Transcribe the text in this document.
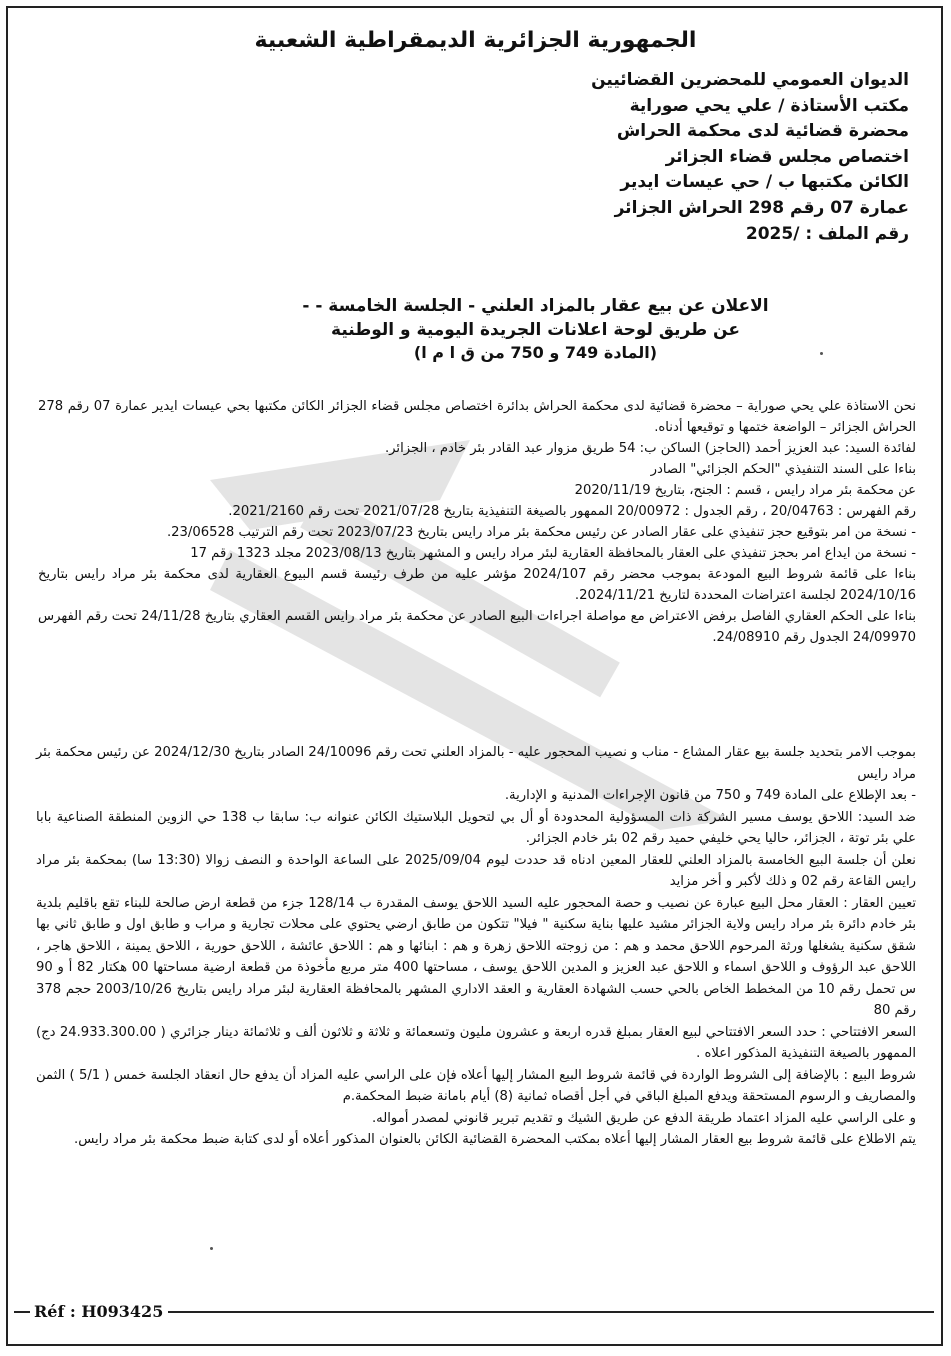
الجمهورية الجزائرية الديمقراطية الشعبية
الديوان العمومي للمحضرين القضائيين
مكتب الأستاذة / علي يحي صوراية
محضرة قضائية لدى محكمة الحراش
اختصاص مجلس قضاء الجزائر
الكائن مكتبها ب / حي عيسات ايدير
عمارة 07 رقم 298 الحراش الجزائر
رقم الملف : /2025
الاعلان عن بيع عقار بالمزاد العلني - الجلسة الخامسة - -
عن طريق لوحة اعلانات الجريدة اليومية و الوطنية
(المادة 749 و 750 من ق ا م ا)

نحن الاستاذة علي يحي صوراية – محضرة قضائية لدى محكمة الحراش بدائرة اختصاص مجلس قضاء الجزائر الكائن مكتبها بحي عيسات ايدير عمارة 07 رقم 278 الحراش الجزائر – الواضعة ختمها و توقيعها أدناه.

لفائدة السيد: عبد العزيز أحمد (الحاجز) الساكن ب: 54 طريق مزوار عبد القادر بئر خادم ، الجزائر.

بناءا على السند التنفيذي "الحكم الجزائي" الصادر

عن محكمة بئر مراد رايس ، قسم : الجنح، بتاريخ 2020/11/19

رقم الفهرس : 20/04763 ، رقم الجدول : 20/00972 الممهور بالصيغة التنفيذية بتاريخ 2021/07/28 تحت رقم 2021/2160.

- نسخة من امر بتوقيع حجز تنفيذي على عقار الصادر عن رئيس محكمة بئر مراد رايس بتاريخ 2023/07/23 تحت رقم الترتيب 23/06528.

- نسخة من ايداع امر بحجز تنفيذي على العقار بالمحافظة العقارية لبئر مراد رايس و المشهر بتاريخ 2023/08/13 مجلد 1323 رقم 17

بناءا على قائمة شروط البيع المودعة بموجب محضر رقم 2024/107 مؤشر عليه من طرف رئيسة قسم البيوع العقارية لدى محكمة بئر مراد رايس بتاريخ 2024/10/16 لجلسة اعتراضات المحددة لتاريخ 2024/11/21.

بناءا على الحكم العقاري الفاصل برفض الاعتراض مع مواصلة اجراءات البيع الصادر عن محكمة بئر مراد رايس القسم العقاري بتاريخ 24/11/28 تحت رقم الفهرس 24/09970 الجدول رقم 24/08910.

بموجب الامر بتحديد جلسة بيع عقار المشاع - مناب و نصيب المحجور عليه - بالمزاد العلني تحت رقم 24/10096 الصادر بتاريخ 2024/12/30 عن رئيس محكمة بئر مراد رايس

- بعد الإطلاع على المادة 749 و 750 من قانون الإجراءات المدنية و الإدارية.

ضد السيد: اللاحق يوسف مسير الشركة ذات المسؤولية المحدودة أو أل بي لتحويل البلاستيك الكائن عنوانه ب: سابقا ب 138 حي الزوين المنطقة الصناعية بابا علي بئر توتة ، الجزائر، حاليا يحي خليفي حميد رقم 02 بئر خادم الجزائر.

نعلن أن جلسة البيع الخامسة بالمزاد العلني للعقار المعين ادناه قد حددت ليوم 2025/09/04 على الساعة الواحدة و النصف زوالا (13:30 سا) بمحكمة بئر مراد رايس القاعة رقم 02 و ذلك لأكبر و أخر مزايد

تعيين العقار : العقار محل البيع عبارة عن نصيب و حصة المحجور عليه السيد اللاحق يوسف المقدرة ب 128/14 جزء من قطعة ارض صالحة للبناء تقع باقليم بلدية بئر خادم دائرة بئر مراد رايس ولاية الجزائر مشيد عليها بناية سكنية " فيلا" تتكون من طابق ارضي يحتوي على محلات تجارية و مراب و طابق اول و طابق ثاني بها شقق سكنية يشغلها ورثة المرحوم اللاحق محمد و هم : من زوجته اللاحق زهرة و هم : ابنائها و هم : اللاحق عائشة ، اللاحق حورية ، اللاحق يمينة ، اللاحق هاجر ، اللاحق عبد الرؤوف و اللاحق اسماء و اللاحق عبد العزيز و المدين اللاحق يوسف ، مساحتها 400 متر مربع مأخوذة من قطعة ارضية مساحتها 00 هكتار 82 أ و 90 س تحمل رقم 10 من المخطط الخاص بالحي حسب الشهادة العقارية و العقد الاداري المشهر بالمحافظة العقارية لبئر مراد رايس بتاريخ 2003/10/26 حجم 378 رقم 80

السعر الافتتاحي : حدد السعر الافتتاحي لبيع العقار بمبلغ قدره اربعة و عشرون مليون وتسعمائة و ثلاثة و ثلاثون ألف و ثلاثمائة دينار جزائري ( 24.933.300.00 دج) الممهور بالصيغة التنفيذية المذكور اعلاه .

شروط البيع : بالإضافة إلى الشروط الواردة في قائمة شروط البيع المشار إليها أعلاه فإن على الراسي عليه المزاد أن يدفع حال انعقاد الجلسة خمس ( 5/1 ) الثمن والمصاريف و الرسوم المستحقة ويدفع المبلغ الباقي في أجل أقصاه ثمانية (8) أيام بامانة ضبط المحكمة.م

و على الراسي عليه المزاد اعتماد طريقة الدفع عن طريق الشيك و تقديم تبرير قانوني لمصدر أمواله.

يتم الاطلاع على قائمة شروط بيع العقار المشار إليها أعلاه بمكتب المحضرة القضائية الكائن بالعنوان المذكور أعلاه أو لدى كتابة ضبط محكمة بئر مراد رايس.

Réf : H093425
